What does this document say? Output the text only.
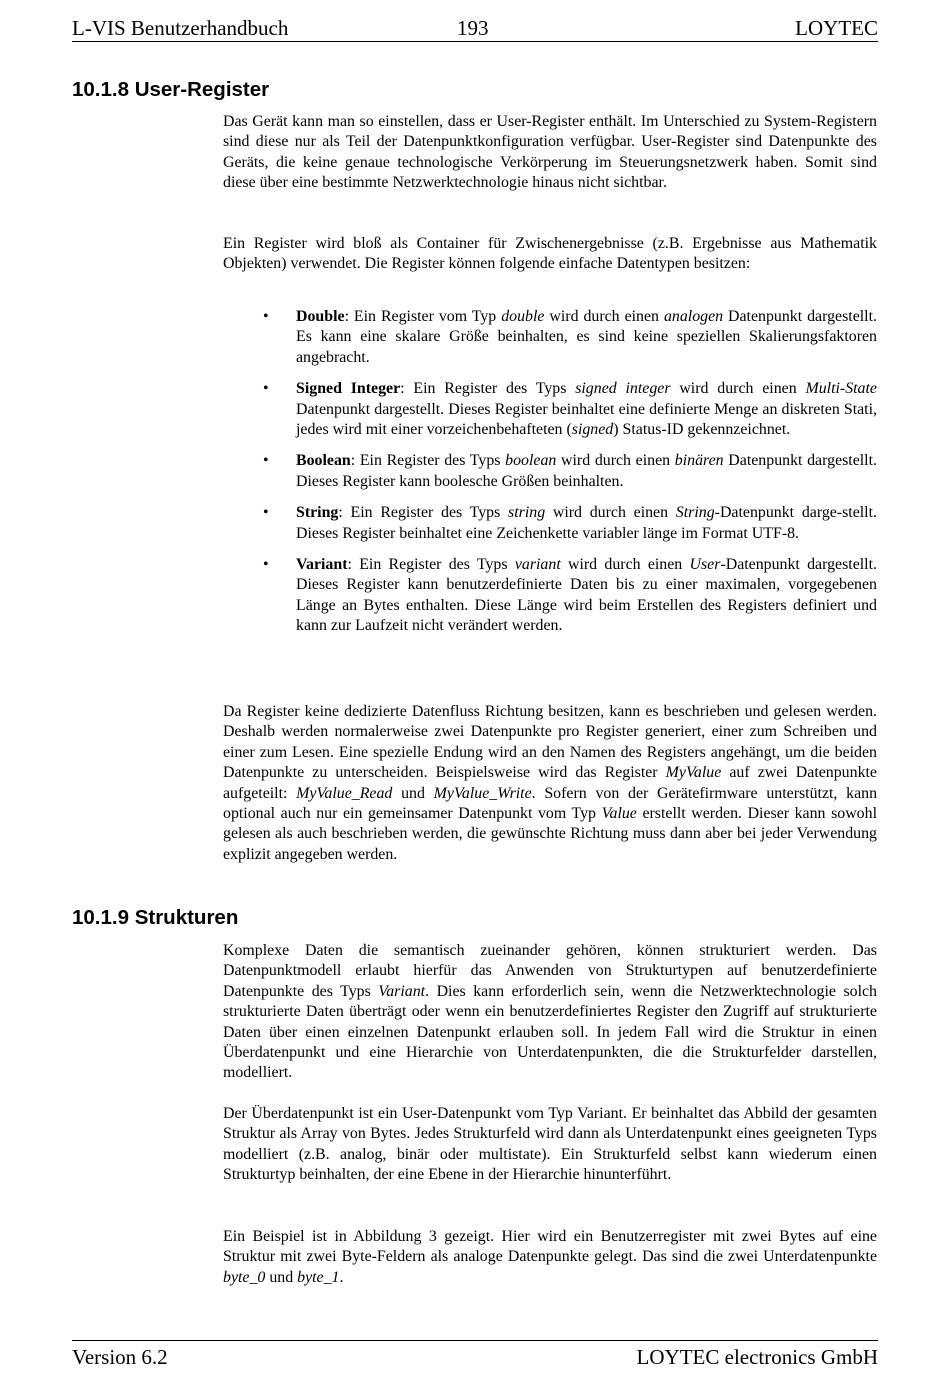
L-VIS Benutzerhandbuch	193	LOYTEC
10.1.8 User-Register

Das Gerät kann man so einstellen, dass er User-Register enthält. Im Unterschied zu System-Registern sind diese nur als Teil der Datenpunktkonfiguration verfügbar. User-Register sind Datenpunkte des Geräts, die keine genaue technologische Verkörperung im Steuerungsnetzwerk haben. Somit sind diese über eine bestimmte Netzwerktechnologie hinaus nicht sichtbar.

Ein Register wird bloß als Container für Zwischenergebnisse (z.B. Ergebnisse aus Mathematik Objekten) verwendet. Die Register können folgende einfache Datentypen besitzen:

• Double: Ein Register vom Typ double wird durch einen analogen Datenpunkt dargestellt. Es kann eine skalare Größe beinhalten, es sind keine speziellen Skalierungsfaktoren angebracht.
• Signed Integer: Ein Register des Typs signed integer wird durch einen Multi-State Datenpunkt dargestellt. Dieses Register beinhaltet eine definierte Menge an diskreten Stati, jedes wird mit einer vorzeichenbehafteten (signed) Status-ID gekennzeichnet.
• Boolean: Ein Register des Typs boolean wird durch einen binären Datenpunkt dargestellt. Dieses Register kann boolesche Größen beinhalten.
• String: Ein Register des Typs string wird durch einen String-Datenpunkt darge-stellt. Dieses Register beinhaltet eine Zeichenkette variabler länge im Format UTF-8.
• Variant: Ein Register des Typs variant wird durch einen User-Datenpunkt dargestellt. Dieses Register kann benutzerdefinierte Daten bis zu einer maximalen, vorgegebenen Länge an Bytes enthalten. Diese Länge wird beim Erstellen des Registers definiert und kann zur Laufzeit nicht verändert werden.

Da Register keine dedizierte Datenfluss Richtung besitzen, kann es beschrieben und gelesen werden. Deshalb werden normalerweise zwei Datenpunkte pro Register generiert, einer zum Schreiben und einer zum Lesen. Eine spezielle Endung wird an den Namen des Registers angehängt, um die beiden Datenpunkte zu unterscheiden. Beispielsweise wird das Register MyValue auf zwei Datenpunkte aufgeteilt: MyValue_Read und MyValue_Write. Sofern von der Gerätefirmware unterstützt, kann optional auch nur ein gemeinsamer Datenpunkt vom Typ Value erstellt werden. Dieser kann sowohl gelesen als auch beschrieben werden, die gewünschte Richtung muss dann aber bei jeder Verwendung explizit angegeben werden.

10.1.9 Strukturen

Komplexe Daten die semantisch zueinander gehören, können strukturiert werden. Das Datenpunktmodell erlaubt hierfür das Anwenden von Strukturtypen auf benutzerdefinierte Datenpunkte des Typs Variant. Dies kann erforderlich sein, wenn die Netzwerktechnologie solch strukturierte Daten überträgt oder wenn ein benutzerdefiniertes Register den Zugriff auf strukturierte Daten über einen einzelnen Datenpunkt erlauben soll. In jedem Fall wird die Struktur in einen Überdatenpunkt und eine Hierarchie von Unterdatenpunkten, die die Strukturfelder darstellen, modelliert.

Der Überdatenpunkt ist ein User-Datenpunkt vom Typ Variant. Er beinhaltet das Abbild der gesamten Struktur als Array von Bytes. Jedes Strukturfeld wird dann als Unterdatenpunkt eines geeigneten Typs modelliert (z.B. analog, binär oder multistate). Ein Strukturfeld selbst kann wiederum einen Strukturtyp beinhalten, der eine Ebene in der Hierarchie hinunterführt.

Ein Beispiel ist in Abbildung 3 gezeigt. Hier wird ein Benutzerregister mit zwei Bytes auf eine Struktur mit zwei Byte-Feldern als analoge Datenpunkte gelegt. Das sind die zwei Unterdatenpunkte byte_0 und byte_1.

Version 6.2	LOYTEC electronics GmbH
